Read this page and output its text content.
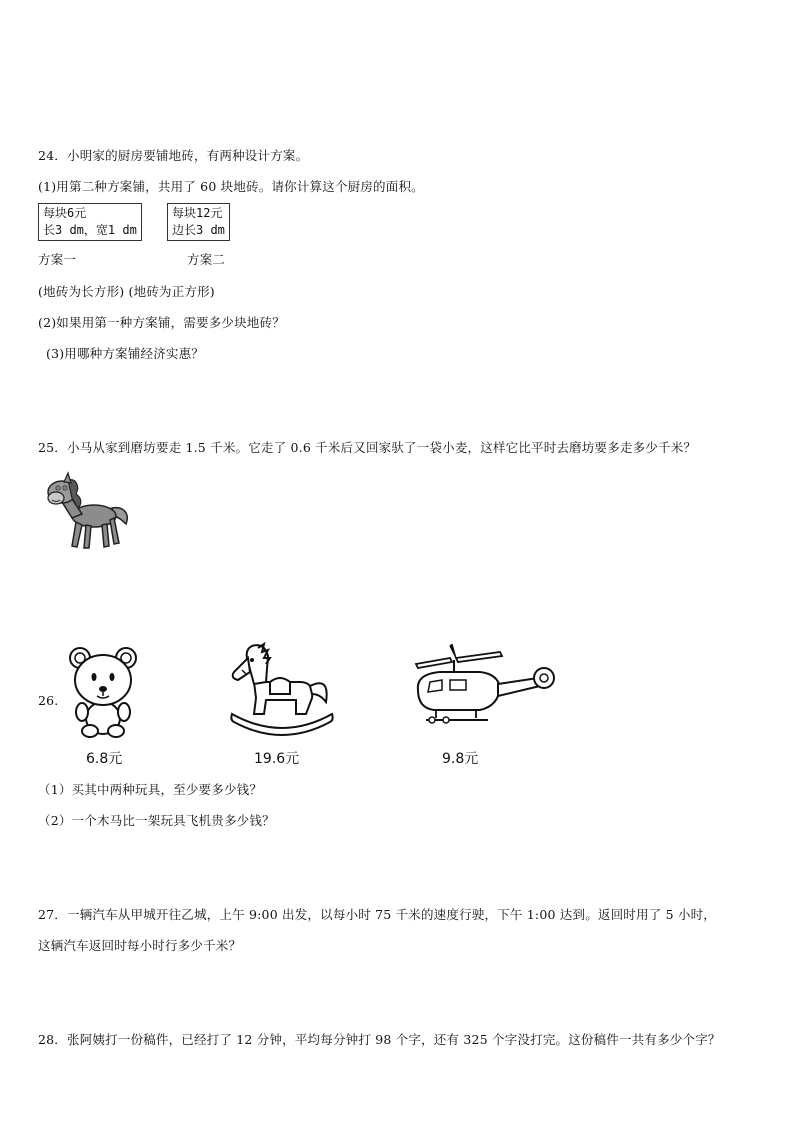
24．小明家的厨房要铺地砖，有两种设计方案。
(1)用第二种方案铺，共用了 60 块地砖。请你计算这个厨房的面积。
每块6元
长3 dm，宽1 dm
每块12元
边长3 dm
方案一	方案二
(地砖为长方形) (地砖为正方形)
(2)如果用第一种方案铺，需要多少块地砖？
(3)用哪种方案铺经济实惠？
25．小马从家到磨坊要走 1.5 千米。它走了 0.6 千米后又回家驮了一袋小麦，这样它比平时去磨坊要多走多少千米？
26.
6.8元	19.6元	9.8元
（1）买其中两种玩具，至少要多少钱？
（2）一个木马比一架玩具飞机贵多少钱？
27．一辆汽车从甲城开往乙城，上午 9:00 出发，以每小时 75 千米的速度行驶，下午 1:00 达到。返回时用了 5 小时，
这辆汽车返回时每小时行多少千米？
28．张阿姨打一份稿件，已经打了 12 分钟，平均每分钟打 98 个字，还有 325 个字没打完。这份稿件一共有多少个字？
